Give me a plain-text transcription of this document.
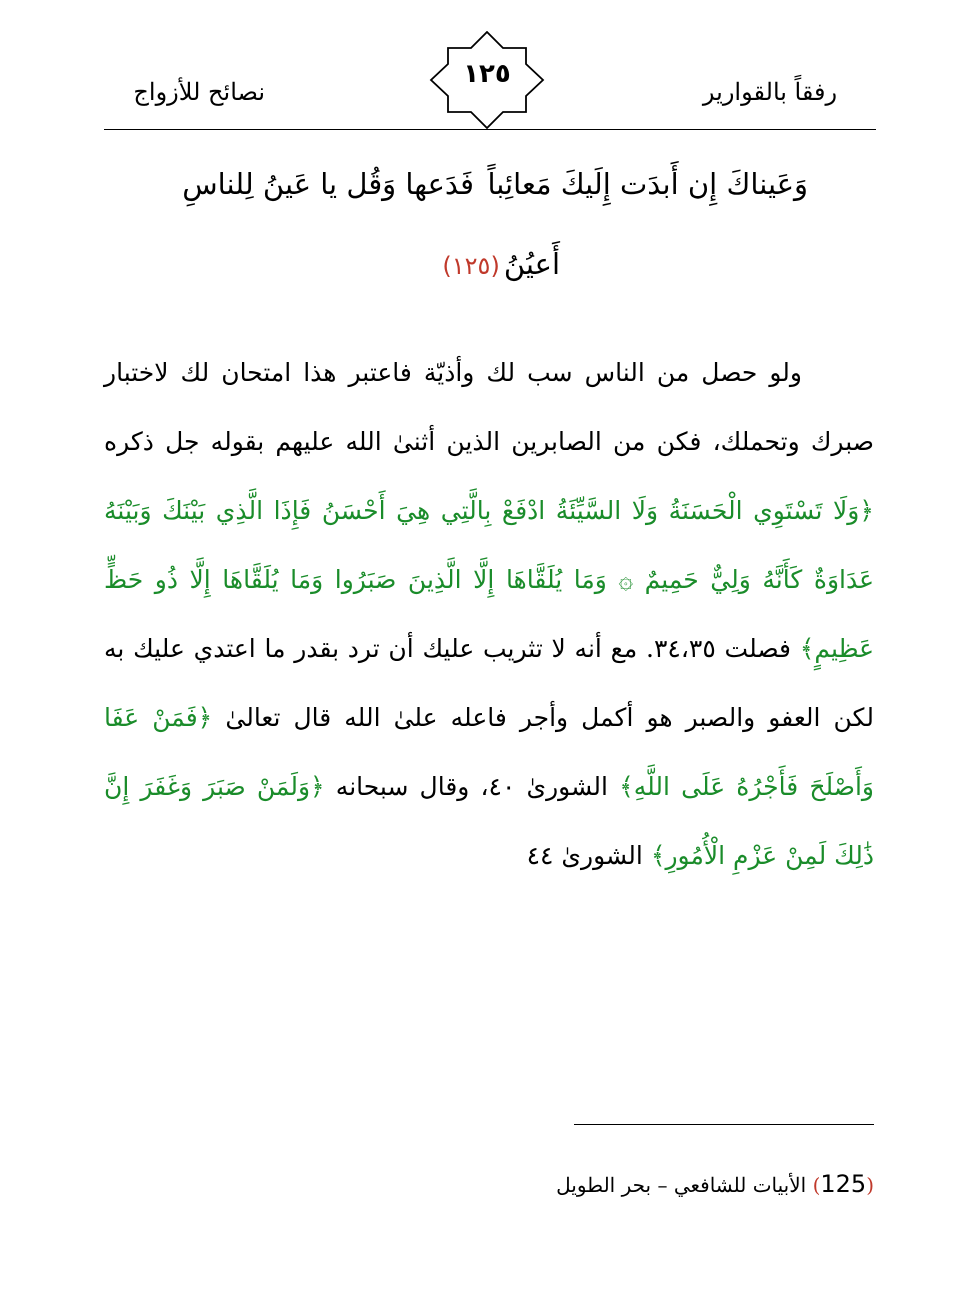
نصائح للأزواج
١٢٥
رفقاً بالقوارير
وَعَيناكَ إِن أَبدَت إِلَيكَ مَعائِباً
فَدَعها وَقُل يا عَينُ لِلناسِ
أَعيُنُ(١٢٥)

ولو حصل من الناس سب لك وأذيّة فاعتبر هذا امتحان لك لاختبار صبرك وتحملك، فكن من الصابرين الذين أثنىٰ الله عليهم بقوله جل ذكره ﴿وَلَا تَسْتَوِي الْحَسَنَةُ وَلَا السَّيِّئَةُ ادْفَعْ بِالَّتِي هِيَ أَحْسَنُ فَإِذَا الَّذِي بَيْنَكَ وَبَيْنَهُ عَدَاوَةٌ كَأَنَّهُ وَلِيٌّ حَمِيمٌ ۞ وَمَا يُلَقَّاهَا إِلَّا الَّذِينَ صَبَرُوا وَمَا يُلَقَّاهَا إِلَّا ذُو حَظٍّ عَظِيمٍ﴾ فصلت ٣٤،٣٥. مع أنه لا تثريب عليك أن ترد بقدر ما اعتدي عليك به لكن العفو والصبر هو أكمل وأجر فاعله علىٰ الله قال تعالىٰ ﴿فَمَنْ عَفَا وَأَصْلَحَ فَأَجْرُهُ عَلَى اللَّهِ﴾ الشورىٰ ٤٠، وقال سبحانه ﴿وَلَمَنْ صَبَرَ وَغَفَرَ إِنَّ ذَٰلِكَ لَمِنْ عَزْمِ الْأُمُورِ﴾ الشورىٰ ٤٤

(125) الأبيات للشافعي – بحر الطويل
